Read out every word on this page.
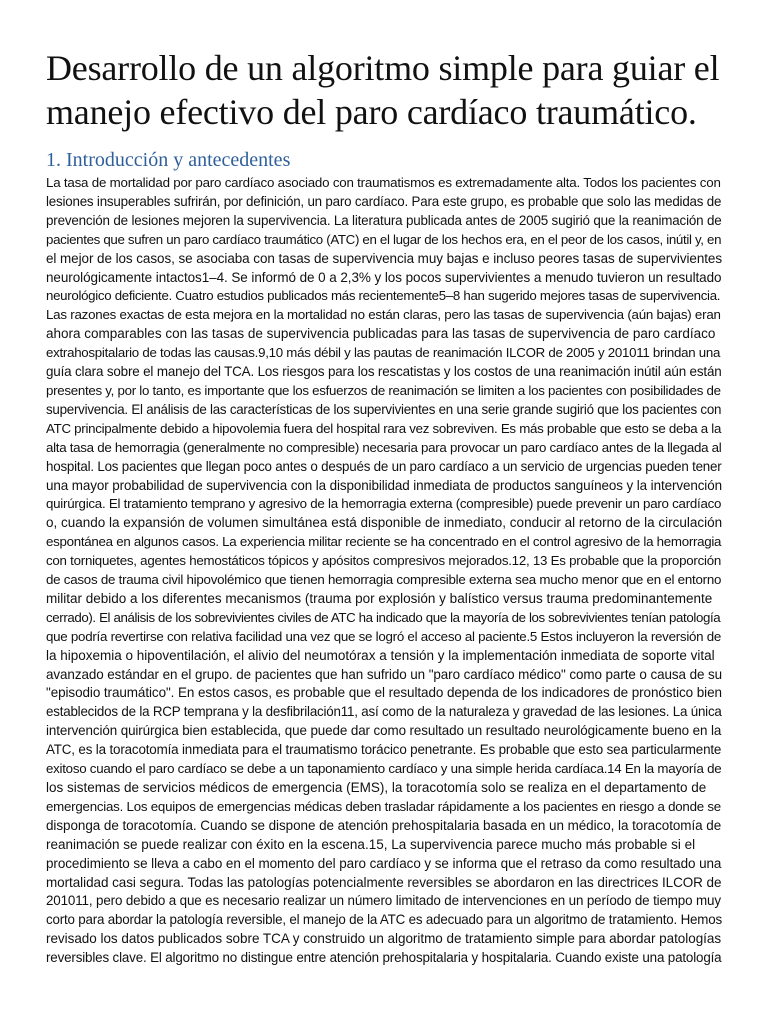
Desarrollo de un algoritmo simple para guiar el
manejo efectivo del paro cardíaco traumático.
1. Introducción y antecedentes
La tasa de mortalidad por paro cardíaco asociado con traumatismos es extremadamente alta. Todos los pacientes con
lesiones insuperables sufrirán, por definición, un paro cardíaco. Para este grupo, es probable que solo las medidas de
prevención de lesiones mejoren la supervivencia. La literatura publicada antes de 2005 sugirió que la reanimación de
pacientes que sufren un paro cardíaco traumático (ATC) en el lugar de los hechos era, en el peor de los casos, inútil y, en
el mejor de los casos, se asociaba con tasas de supervivencia muy bajas e incluso peores tasas de supervivientes
neurológicamente intactos1–4. Se informó de 0 a 2,3% y los pocos supervivientes a menudo tuvieron un resultado
neurológico deficiente. Cuatro estudios publicados más recientemente5–8 han sugerido mejores tasas de supervivencia.
Las razones exactas de esta mejora en la mortalidad no están claras, pero las tasas de supervivencia (aún bajas) eran
ahora comparables con las tasas de supervivencia publicadas para las tasas de supervivencia de paro cardíaco
extrahospitalario de todas las causas.9,10 más débil y las pautas de reanimación ILCOR de 2005 y 201011 brindan una
guía clara sobre el manejo del TCA. Los riesgos para los rescatistas y los costos de una reanimación inútil aún están
presentes y, por lo tanto, es importante que los esfuerzos de reanimación se limiten a los pacientes con posibilidades de
supervivencia. El análisis de las características de los supervivientes en una serie grande sugirió que los pacientes con
ATC principalmente debido a hipovolemia fuera del hospital rara vez sobreviven. Es más probable que esto se deba a la
alta tasa de hemorragia (generalmente no compresible) necesaria para provocar un paro cardíaco antes de la llegada al
hospital. Los pacientes que llegan poco antes o después de un paro cardíaco a un servicio de urgencias pueden tener
una mayor probabilidad de supervivencia con la disponibilidad inmediata de productos sanguíneos y la intervención
quirúrgica. El tratamiento temprano y agresivo de la hemorragia externa (compresible) puede prevenir un paro cardíaco
o, cuando la expansión de volumen simultánea está disponible de inmediato, conducir al retorno de la circulación
espontánea en algunos casos. La experiencia militar reciente se ha concentrado en el control agresivo de la hemorragia
con torniquetes, agentes hemostáticos tópicos y apósitos compresivos mejorados.12, 13 Es probable que la proporción
de casos de trauma civil hipovolémico que tienen hemorragia compresible externa sea mucho menor que en el entorno
militar debido a los diferentes mecanismos (trauma por explosión y balístico versus trauma predominantemente
cerrado). El análisis de los sobrevivientes civiles de ATC ha indicado que la mayoría de los sobrevivientes tenían patología
que podría revertirse con relativa facilidad una vez que se logró el acceso al paciente.5 Estos incluyeron la reversión de
la hipoxemia o hipoventilación, el alivio del neumotórax a tensión y la implementación inmediata de soporte vital
avanzado estándar en el grupo. de pacientes que han sufrido un "paro cardíaco médico" como parte o causa de su
"episodio traumático". En estos casos, es probable que el resultado dependa de los indicadores de pronóstico bien
establecidos de la RCP temprana y la desfibrilación11, así como de la naturaleza y gravedad de las lesiones. La única
intervención quirúrgica bien establecida, que puede dar como resultado un resultado neurológicamente bueno en la
ATC, es la toracotomía inmediata para el traumatismo torácico penetrante. Es probable que esto sea particularmente
exitoso cuando el paro cardíaco se debe a un taponamiento cardíaco y una simple herida cardíaca.14 En la mayoría de
los sistemas de servicios médicos de emergencia (EMS), la toracotomía solo se realiza en el departamento de
emergencias. Los equipos de emergencias médicas deben trasladar rápidamente a los pacientes en riesgo a donde se
disponga de toracotomía. Cuando se dispone de atención prehospitalaria basada en un médico, la toracotomía de
reanimación se puede realizar con éxito en la escena.15, La supervivencia parece mucho más probable si el
procedimiento se lleva a cabo en el momento del paro cardíaco y se informa que el retraso da como resultado una
mortalidad casi segura. Todas las patologías potencialmente reversibles se abordaron en las directrices ILCOR de
201011, pero debido a que es necesario realizar un número limitado de intervenciones en un período de tiempo muy
corto para abordar la patología reversible, el manejo de la ATC es adecuado para un algoritmo de tratamiento. Hemos
revisado los datos publicados sobre TCA y construido un algoritmo de tratamiento simple para abordar patologías
reversibles clave. El algoritmo no distingue entre atención prehospitalaria y hospitalaria. Cuando existe una patología
